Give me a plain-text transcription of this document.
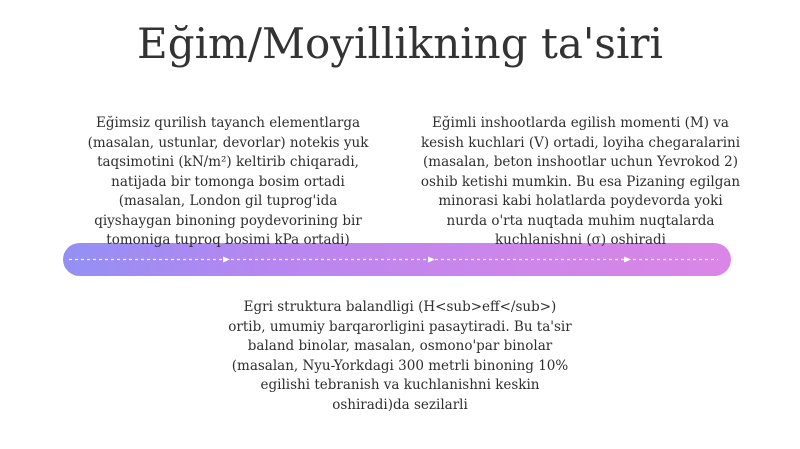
Eğim/Moyillikning ta'siri

Eğimsiz qurilish tayanch elementlarga (masalan, ustunlar, devorlar) notekis yuk taqsimotini (kN/m²) keltirib chiqaradi, natijada bir tomonga bosim ortadi (masalan, London gil tuprog'ida qiyshaygan binoning poydevorining bir tomoniga tuproq bosimi kPa ortadi)

Eğimli inshootlarda egilish momenti (M) va kesish kuchlari (V) ortadi, loyiha chegaralarini (masalan, beton inshootlar uchun Yevrokod 2) oshib ketishi mumkin. Bu esa Pizaning egilgan minorasi kabi holatlarda poydevorda yoki nurda o'rta nuqtada muhim nuqtalarda kuchlanishni (σ) oshiradi

Egri struktura balandligi (H<sub>eff</sub>) ortib, umumiy barqarorligini pasaytiradi. Bu ta'sir baland binolar, masalan, osmono'par binolar (masalan, Nyu-Yorkdagi 300 metrli binoning 10% egilishi tebranish va kuchlanishni keskin oshiradi)da sezilarli
